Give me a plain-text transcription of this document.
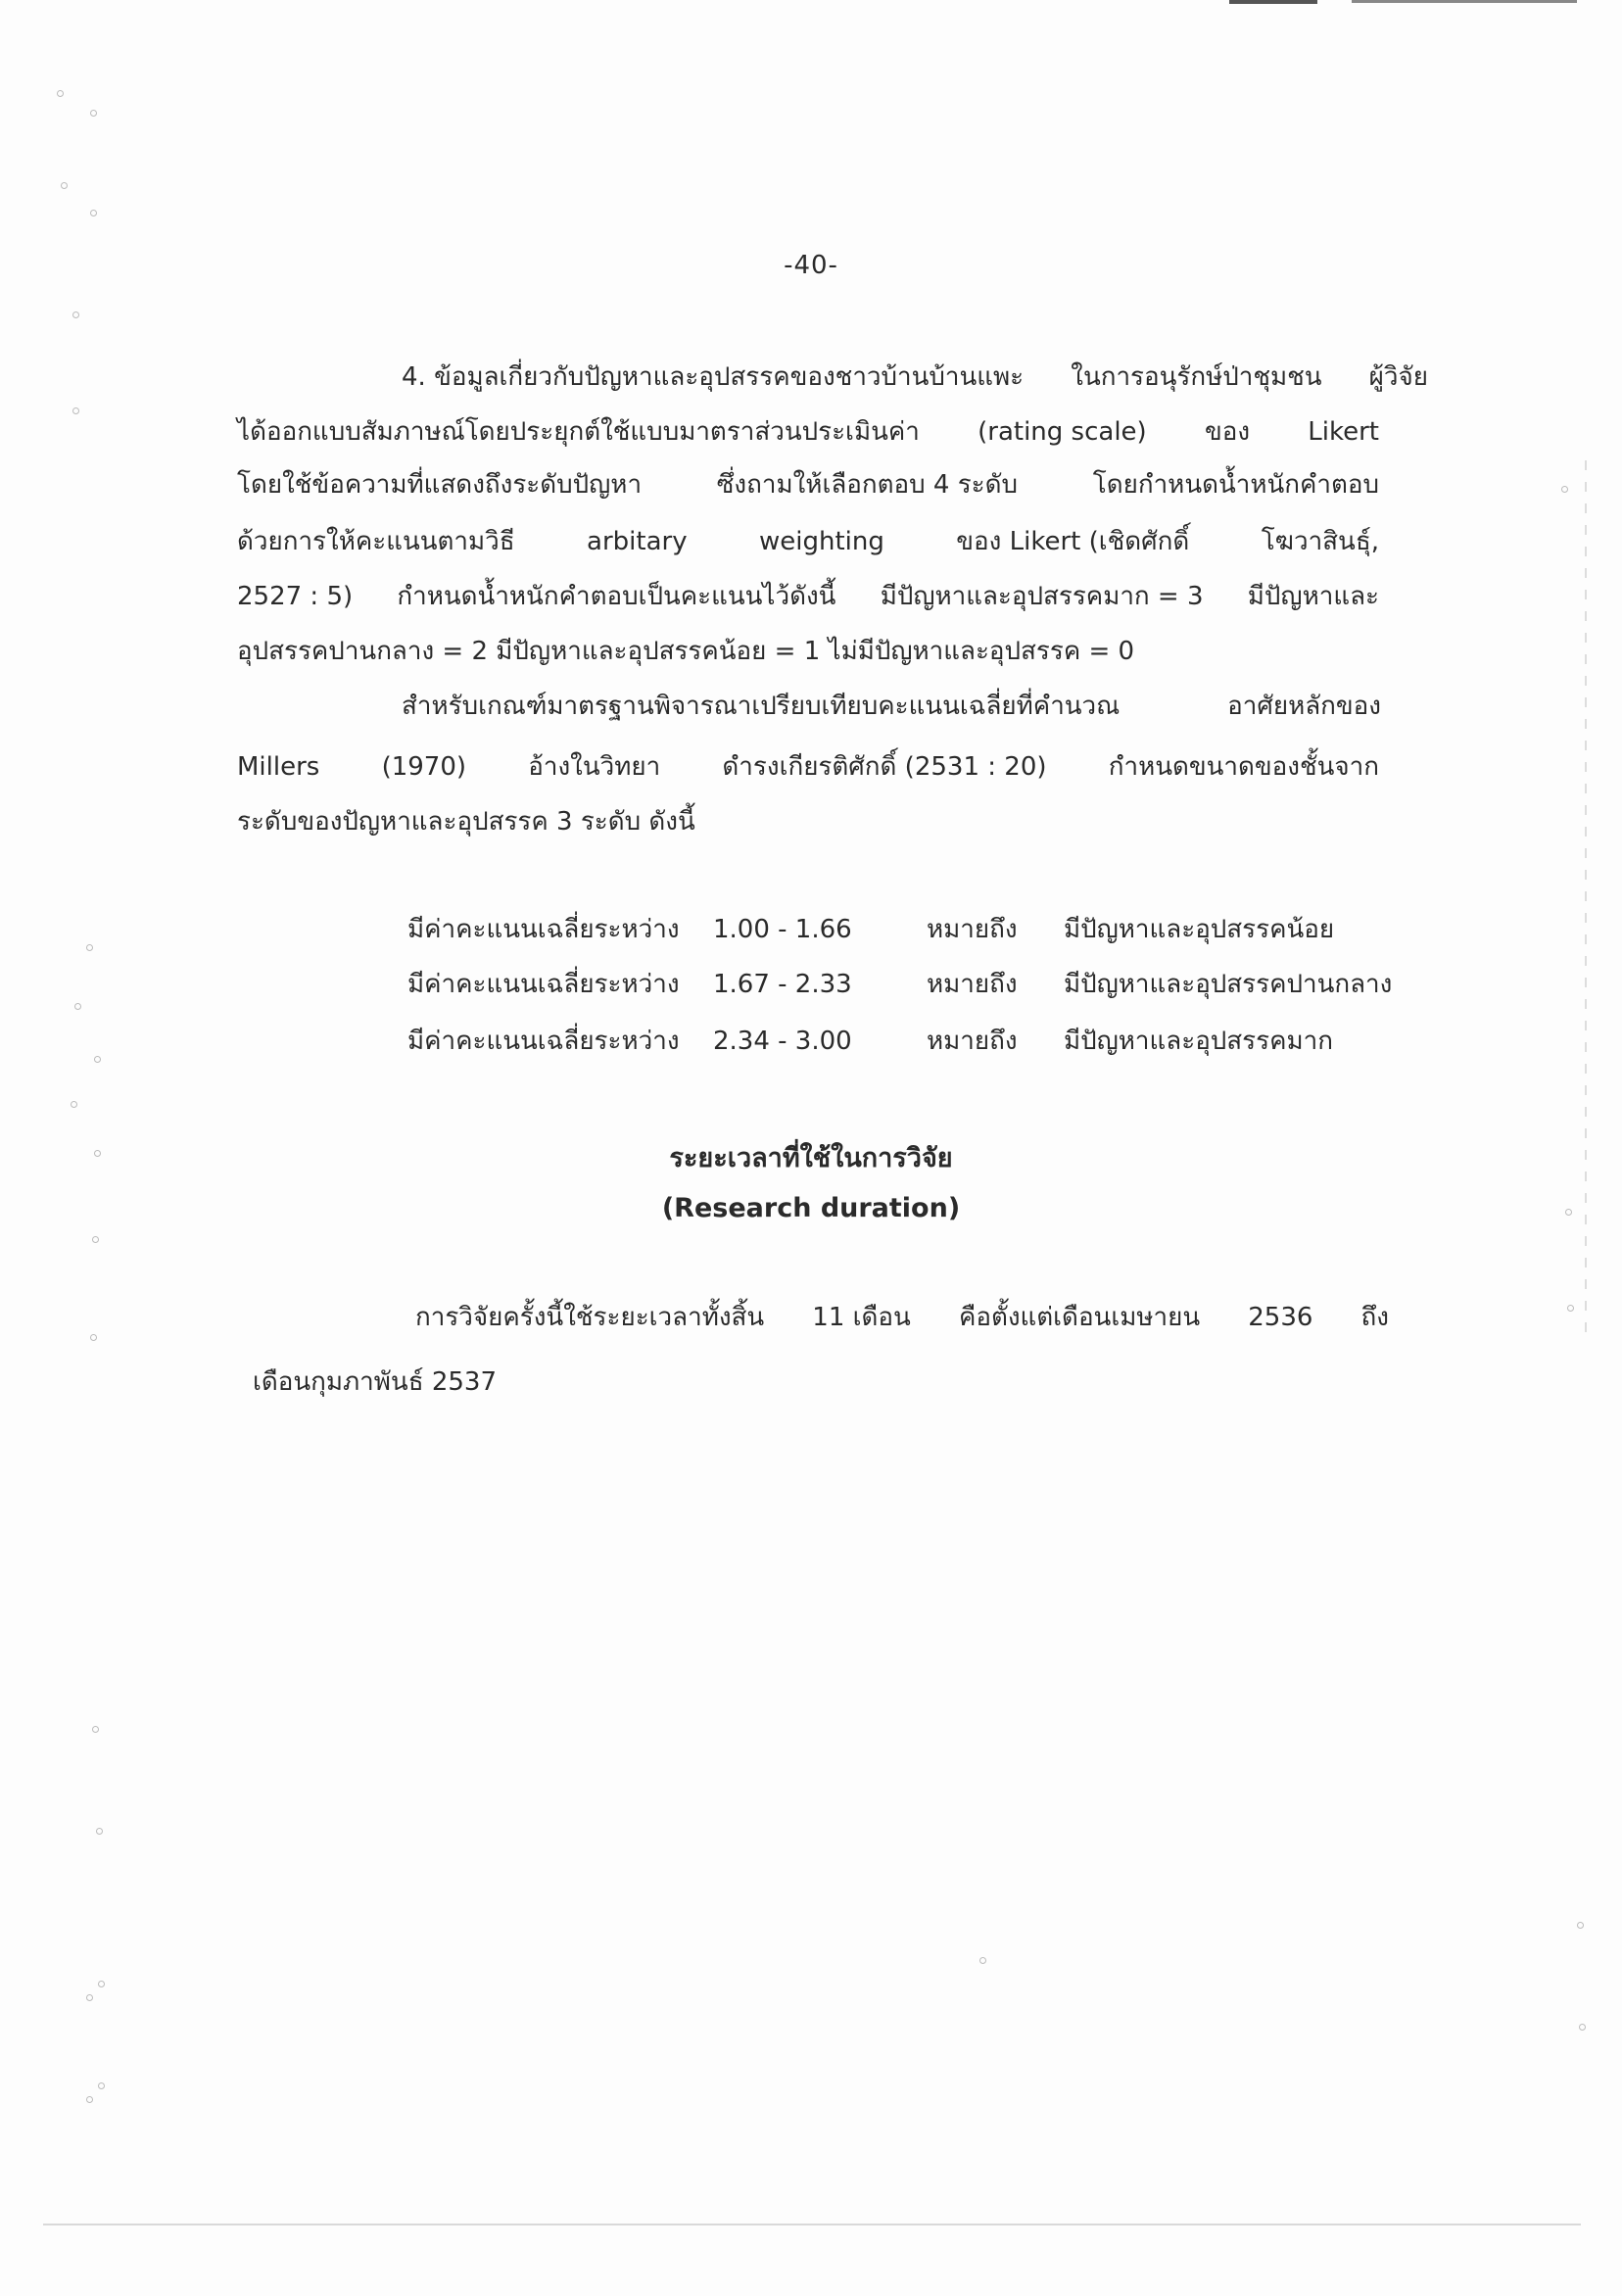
-40-
4. ข้อมูลเกี่ยวกับปัญหาและอุปสรรคของชาวบ้านบ้านแพะ ในการอนุรักษ์ป่าชุมชน ผู้วิจัย
ได้ออกแบบสัมภาษณ์โดยประยุกต์ใช้แบบมาตราส่วนประเมินค่า (rating scale) ของ Likert
โดยใช้ข้อความที่แสดงถึงระดับปัญหา	ซึ่งถามให้เลือกตอบ 4 ระดับ	โดยกำหนดน้ำหนักคำตอบ
ด้วยการให้คะแนนตามวิธี	arbitary	weighting	ของ Likert (เชิดศักดิ์	โฆวาสินธุ์,
2527 : 5) กำหนดน้ำหนักคำตอบเป็นคะแนนไว้ดังนี้ มีปัญหาและอุปสรรคมาก = 3 มีปัญหาและ
อุปสรรคปานกลาง = 2 มีปัญหาและอุปสรรคน้อย = 1 ไม่มีปัญหาและอุปสรรค = 0
สำหรับเกณฑ์มาตรฐานพิจารณาเปรียบเทียบคะแนนเฉลี่ยที่คำนวณ	อาศัยหลักของ
Millers (1970) อ้างในวิทยา ดำรงเกียรติศักดิ์ (2531 : 20) กำหนดขนาดของชั้นจาก
ระดับของปัญหาและอุปสรรค 3 ระดับ ดังนี้
มีค่าคะแนนเฉลี่ยระหว่าง 1.00 - 1.66	หมายถึง มีปัญหาและอุปสรรคน้อย
มีค่าคะแนนเฉลี่ยระหว่าง 1.67 - 2.33	หมายถึง มีปัญหาและอุปสรรคปานกลาง
มีค่าคะแนนเฉลี่ยระหว่าง 2.34 - 3.00	หมายถึง มีปัญหาและอุปสรรคมาก
ระยะเวลาที่ใช้ในการวิจัย
(Research duration)
การวิจัยครั้งนี้ใช้ระยะเวลาทั้งสิ้น 11 เดือน คือตั้งแต่เดือนเมษายน 2536 ถึง
เดือนกุมภาพันธ์ 2537
